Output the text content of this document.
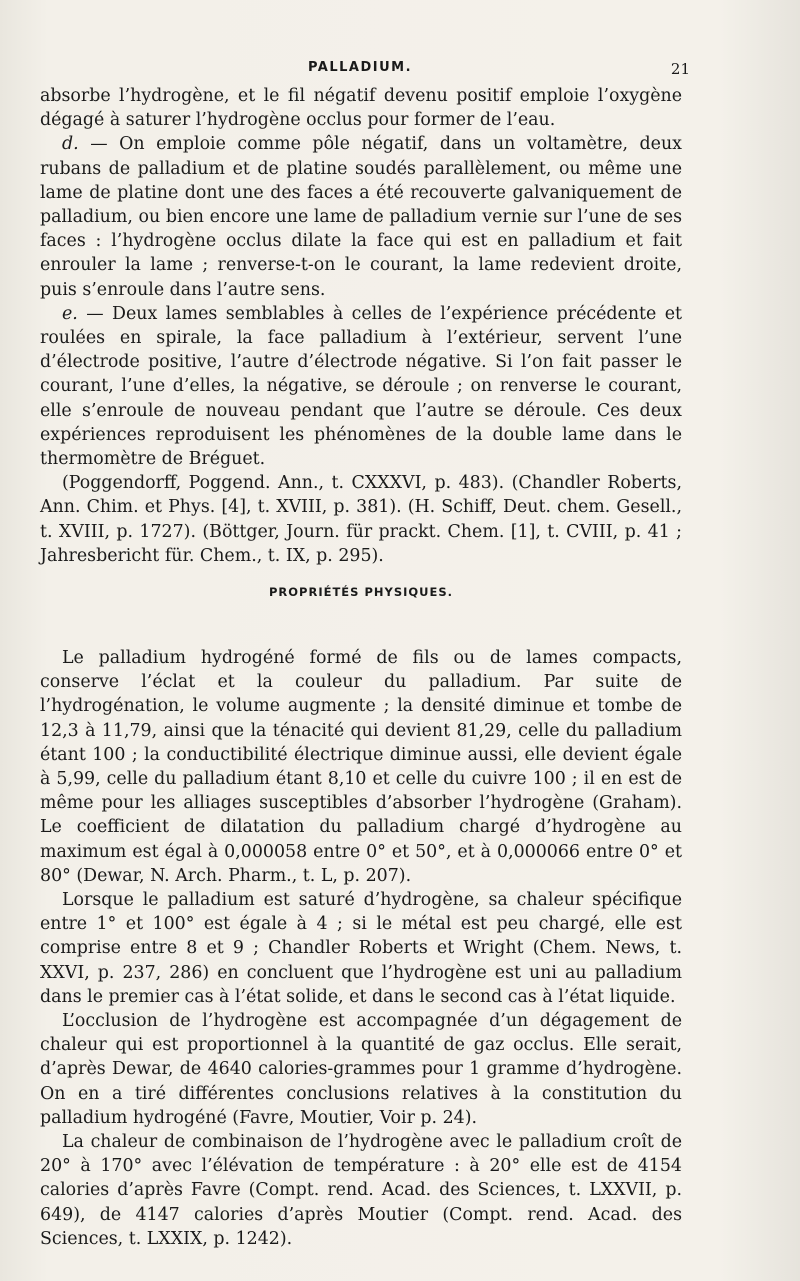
PALLADIUM.	21

absorbe l’hydrogène, et le fil négatif devenu positif emploie l’oxygène dégagé à saturer l’hydrogène occlus pour former de l’eau.

d. — On emploie comme pôle négatif, dans un voltamètre, deux rubans de palladium et de platine soudés parallèlement, ou même une lame de platine dont une des faces a été recouverte galvaniquement de palladium, ou bien encore une lame de palladium vernie sur l’une de ses faces : l’hydrogène occlus dilate la face qui est en palladium et fait enrouler la lame ; renverse-t-on le courant, la lame redevient droite, puis s’enroule dans l’autre sens.

e. — Deux lames semblables à celles de l’expérience précédente et roulées en spirale, la face palladium à l’extérieur, servent l’une d’électrode positive, l’autre d’électrode négative. Si l’on fait passer le courant, l’une d’elles, la négative, se déroule ; on renverse le courant, elle s’enroule de nouveau pendant que l’autre se déroule. Ces deux expériences reproduisent les phénomènes de la double lame dans le thermomètre de Bréguet.

(Poggendorff, Poggend. Ann., t. CXXXVI, p. 483). (Chandler Roberts, Ann. Chim. et Phys. [4], t. XVIII, p. 381). (H. Schiff, Deut. chem. Gesell., t. XVIII, p. 1727). (Böttger, Journ. für prackt. Chem. [1], t. CVIII, p. 41 ; Jahresbericht für. Chem., t. IX, p. 295).

PROPRIÉTÉS PHYSIQUES.

Le palladium hydrogéné formé de fils ou de lames compacts, conserve l’éclat et la couleur du palladium. Par suite de l’hydrogénation, le volume augmente ; la densité diminue et tombe de 12,3 à 11,79, ainsi que la ténacité qui devient 81,29, celle du palladium étant 100 ; la conductibilité électrique diminue aussi, elle devient égale à 5,99, celle du palladium étant 8,10 et celle du cuivre 100 ; il en est de même pour les alliages susceptibles d’absorber l’hydrogène (Graham). Le coefficient de dilatation du palladium chargé d’hydrogène au maximum est égal à 0,000058 entre 0° et 50°, et à 0,000066 entre 0° et 80° (Dewar, N. Arch. Pharm., t. L, p. 207).

Lorsque le palladium est saturé d’hydrogène, sa chaleur spécifique entre 1° et 100° est égale à 4 ; si le métal est peu chargé, elle est comprise entre 8 et 9 ; Chandler Roberts et Wright (Chem. News, t. XXVI, p. 237, 286) en concluent que l’hydrogène est uni au palladium dans le premier cas à l’état solide, et dans le second cas à l’état liquide.

L’occlusion de l’hydrogène est accompagnée d’un dégagement de chaleur qui est proportionnel à la quantité de gaz occlus. Elle serait, d’après Dewar, de 4640 calories-grammes pour 1 gramme d’hydrogène. On en a tiré différentes conclusions relatives à la constitution du palladium hydrogéné (Favre, Moutier, Voir p. 24).

La chaleur de combinaison de l’hydrogène avec le palladium croît de 20° à 170° avec l’élévation de température : à 20° elle est de 4154 calories d’après Favre (Compt. rend. Acad. des Sciences, t. LXXVII, p. 649), de 4147 calories d’après Moutier (Compt. rend. Acad. des Sciences, t. LXXIX, p. 1242).
